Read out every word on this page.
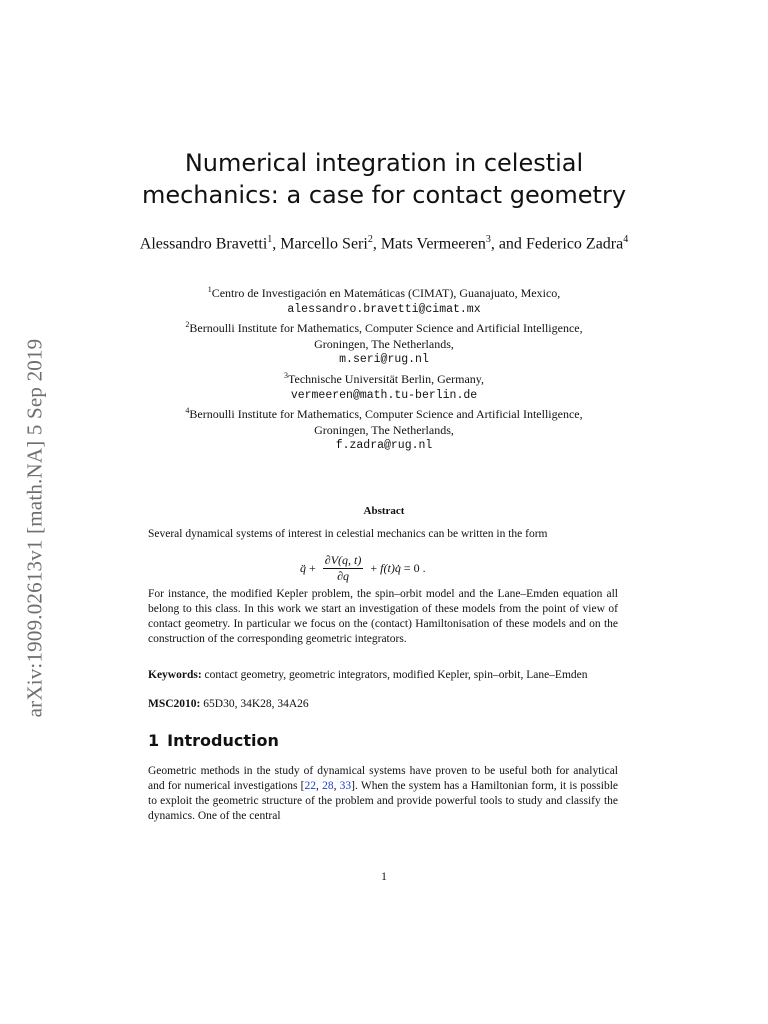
arXiv:1909.02613v1 [math.NA] 5 Sep 2019
Numerical integration in celestial
mechanics: a case for contact geometry
Alessandro Bravetti$^1$, Marcello Seri$^2$, Mats Vermeeren$^3$, and Federico Zadra$^4$
$^1$Centro de Investigación en Matemáticas (CIMAT), Guanajuato, Mexico,
alessandro.bravetti@cimat.mx
$^2$Bernoulli Institute for Mathematics, Computer Science and Artificial Intelligence,
Groningen, The Netherlands,
m.seri@rug.nl
$^3$Technische Universität Berlin, Germany,
vermeeren@math.tu-berlin.de
$^4$Bernoulli Institute for Mathematics, Computer Science and Artificial Intelligence,
Groningen, The Netherlands,
f.zadra@rug.nl
Abstract
Several dynamical systems of interest in celestial mechanics can be written in the form
q̈ + $\frac{\partial V(q, t)}{\partial q}$ + f(t)q̇ = 0 .
For instance, the modified Kepler problem, the spin–orbit model and the Lane–Emden equation all belong to this class. In this work we start an investigation of these models from the point of view of contact geometry. In particular we focus on the (contact) Hamiltonisation of these models and on the construction of the corresponding geometric integrators.
Keywords: contact geometry, geometric integrators, modified Kepler, spin–orbit, Lane–Emden
MSC2010: 65D30, 34K28, 34A26
1 Introduction
Geometric methods in the study of dynamical systems have proven to be useful both for analytical and for numerical investigations [22, 28, 33]. When the system has a Hamiltonian form, it is possible to exploit the geometric structure of the problem and provide powerful tools to study and classify the dynamics. One of the central
1
